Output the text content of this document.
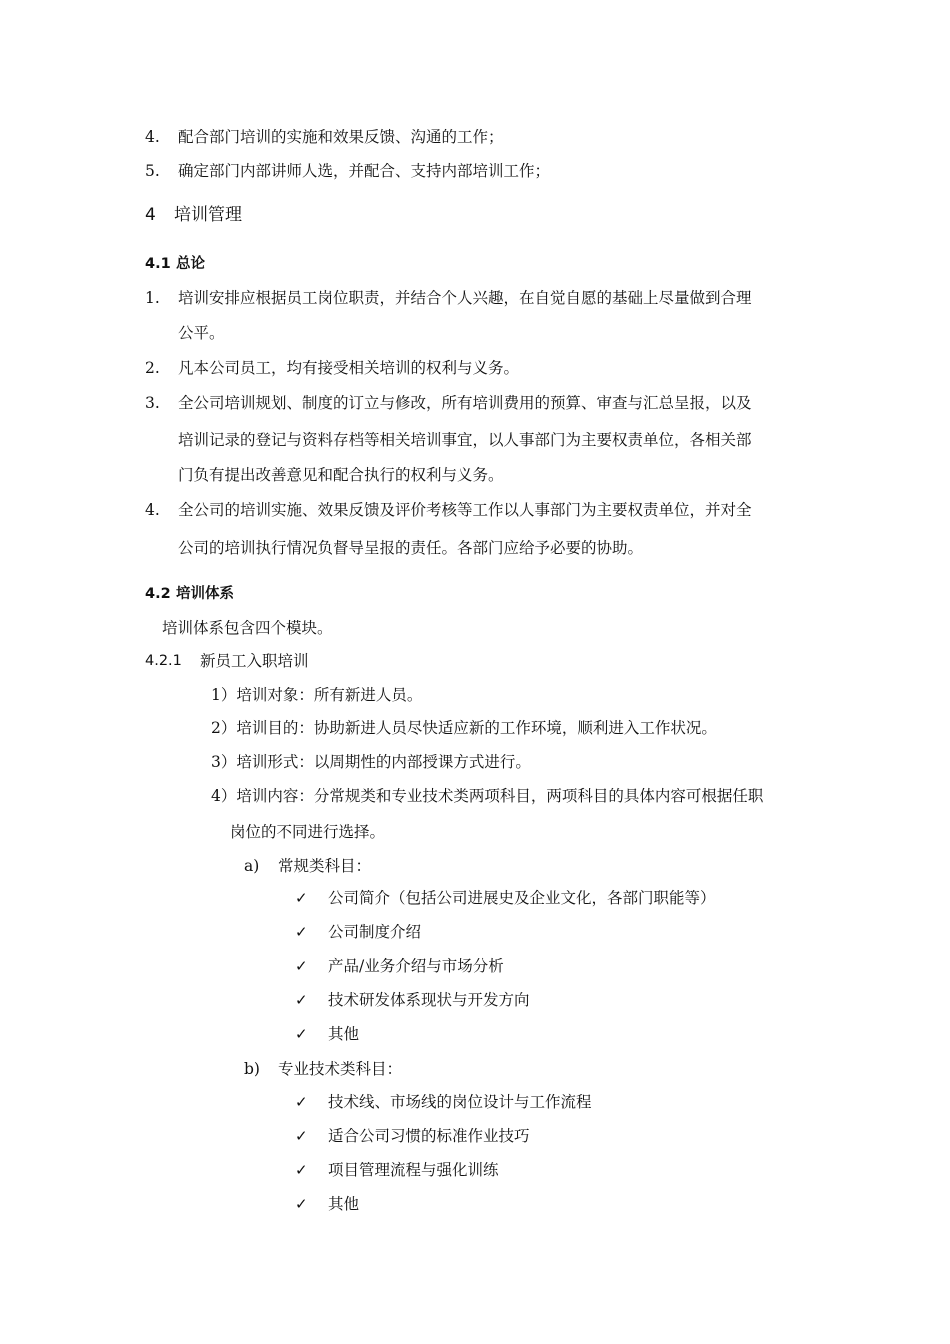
4. 配合部门培训的实施和效果反馈、沟通的工作；
5. 确定部门内部讲师人选，并配合、支持内部培训工作；
4 培训管理
4.1 总论
1. 培训安排应根据员工岗位职责，并结合个人兴趣，在自觉自愿的基础上尽量做到合理
公平。
2. 凡本公司员工，均有接受相关培训的权利与义务。
3. 全公司培训规划、制度的订立与修改，所有培训费用的预算、审查与汇总呈报，以及
培训记录的登记与资料存档等相关培训事宜，以人事部门为主要权责单位，各相关部
门负有提出改善意见和配合执行的权利与义务。
4. 全公司的培训实施、效果反馈及评价考核等工作以人事部门为主要权责单位，并对全
公司的培训执行情况负督导呈报的责任。各部门应给予必要的协助。
4.2 培训体系
培训体系包含四个模块。
4.2.1 新员工入职培训
1）培训对象：所有新进人员。
2）培训目的：协助新进人员尽快适应新的工作环境，顺利进入工作状况。
3）培训形式：以周期性的内部授课方式进行。
4）培训内容：分常规类和专业技术类两项科目，两项科目的具体内容可根据任职
岗位的不同进行选择。
a) 常规类科目：
✓ 公司简介（包括公司进展史及企业文化，各部门职能等）
✓ 公司制度介绍
✓ 产品/业务介绍与市场分析
✓ 技术研发体系现状与开发方向
✓ 其他
b) 专业技术类科目：
✓ 技术线、市场线的岗位设计与工作流程
✓ 适合公司习惯的标准作业技巧
✓ 项目管理流程与强化训练
✓ 其他
